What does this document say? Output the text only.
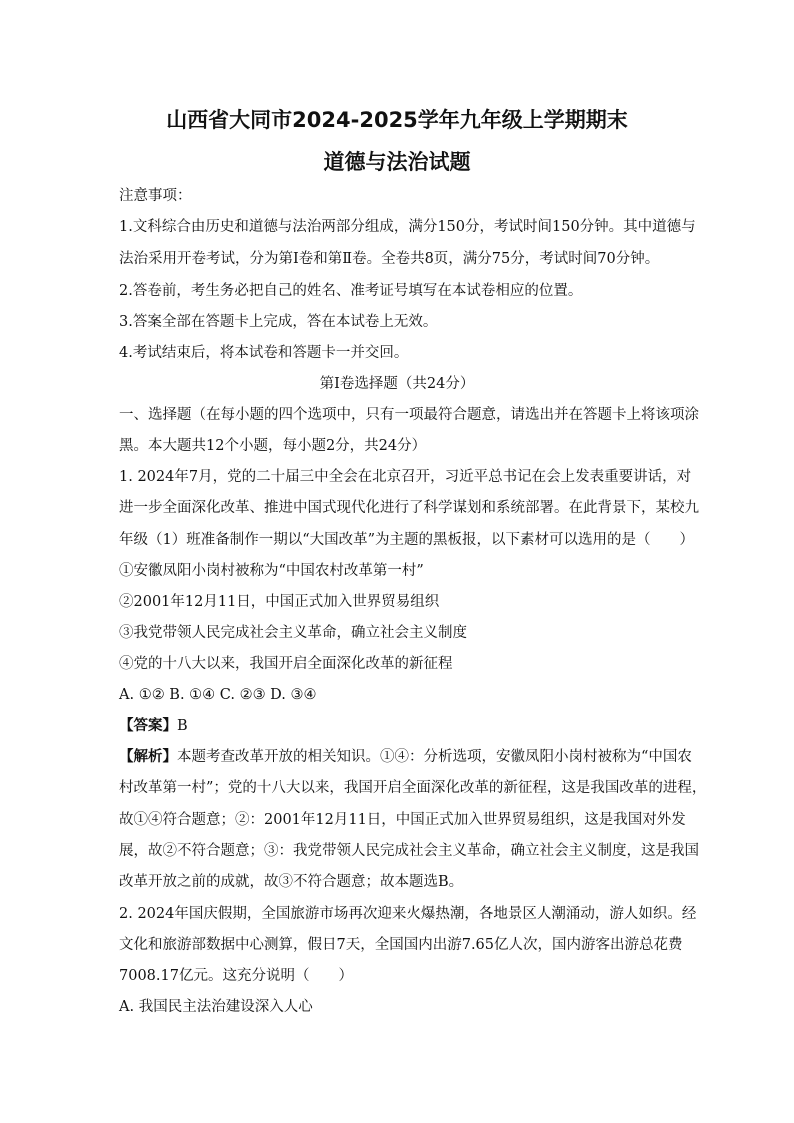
山西省大同市2024-2025学年九年级上学期期末
道德与法治试题
注意事项：
1.文科综合由历史和道德与法治两部分组成，满分150分，考试时间150分钟。其中道德与
法治采用开卷考试，分为第Ⅰ卷和第Ⅱ卷。全卷共8页，满分75分，考试时间70分钟。
2.答卷前，考生务必把自己的姓名、准考证号填写在本试卷相应的位置。
3.答案全部在答题卡上完成，答在本试卷上无效。
4.考试结束后，将本试卷和答题卡一并交回。
第Ⅰ卷选择题（共24分）
一、选择题（在每小题的四个选项中，只有一项最符合题意，请选出并在答题卡上将该项涂
黑。本大题共12个小题，每小题2分，共24分）
1. 2024年7月，党的二十届三中全会在北京召开，习近平总书记在会上发表重要讲话，对
进一步全面深化改革、推进中国式现代化进行了科学谋划和系统部署。在此背景下，某校九
年级（1）班准备制作一期以“大国改革”为主题的黑板报，以下素材可以选用的是（　　）
①安徽凤阳小岗村被称为“中国农村改革第一村”
②2001年12月11日，中国正式加入世界贸易组织
③我党带领人民完成社会主义革命，确立社会主义制度
④党的十八大以来，我国开启全面深化改革的新征程
A. ①② B. ①④ C. ②③ D. ③④
【答案】B
【解析】本题考查改革开放的相关知识。①④：分析选项，安徽凤阳小岗村被称为“中国农
村改革第一村”；党的十八大以来，我国开启全面深化改革的新征程，这是我国改革的进程，
故①④符合题意；②：2001年12月11日，中国正式加入世界贸易组织，这是我国对外发
展，故②不符合题意；③：我党带领人民完成社会主义革命，确立社会主义制度，这是我国
改革开放之前的成就，故③不符合题意；故本题选B。
2. 2024年国庆假期，全国旅游市场再次迎来火爆热潮，各地景区人潮涌动，游人如织。经
文化和旅游部数据中心测算，假日7天，全国国内出游7.65亿人次，国内游客出游总花费
7008.17亿元。这充分说明（　　）
A. 我国民主法治建设深入人心
